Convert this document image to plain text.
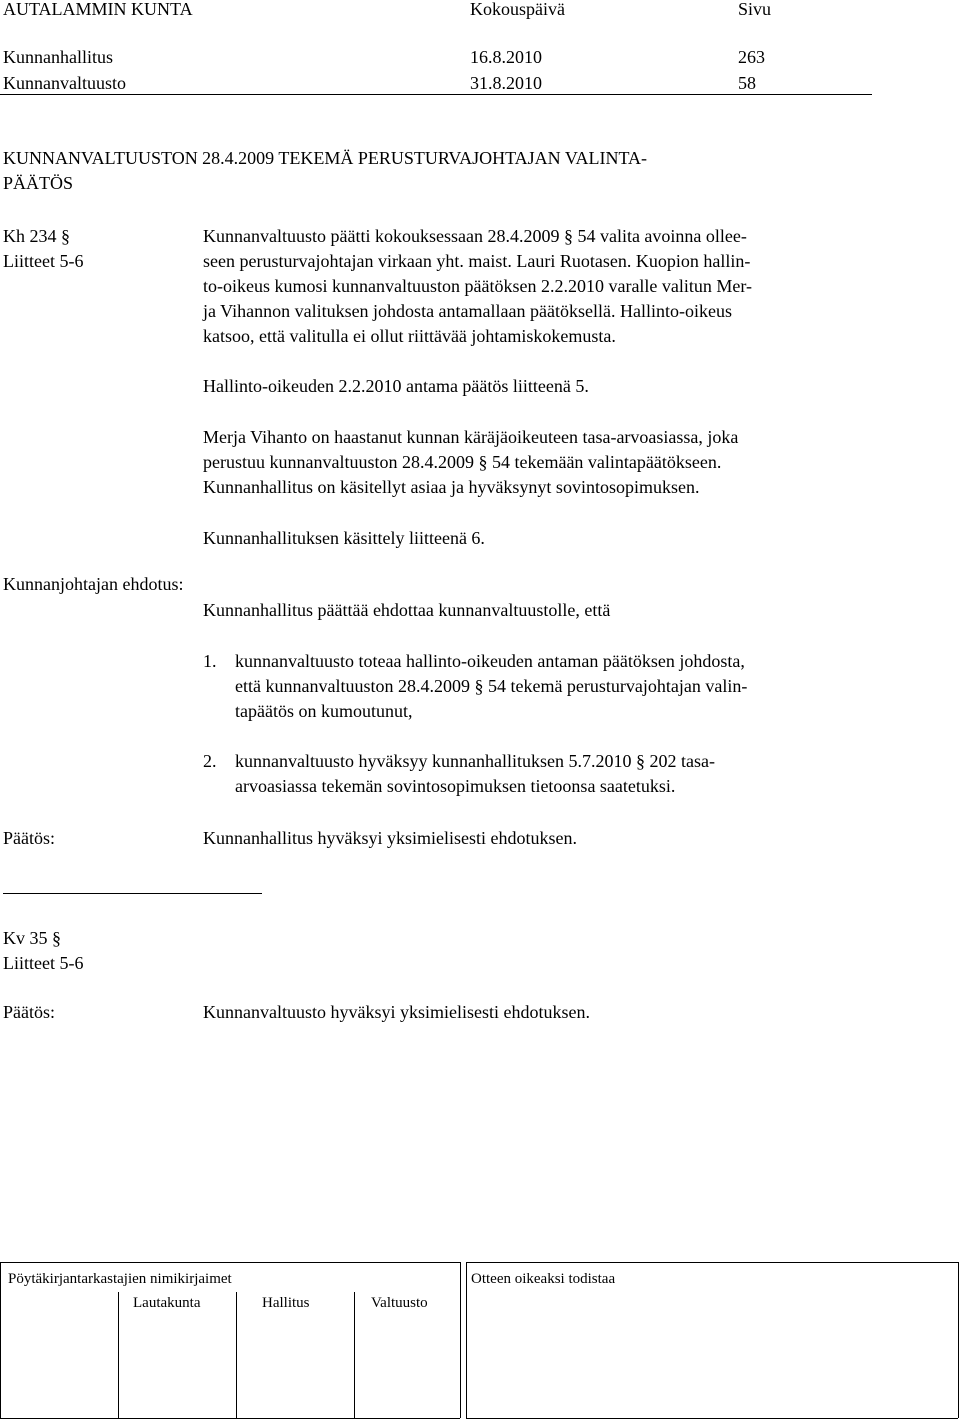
AUTALAMMIN KUNTA	Kokouspäivä	Sivu
Kunnanhallitus	16.8.2010	263
Kunnanvaltuusto	31.8.2010	58
KUNNANVALTUUSTON 28.4.2009 TEKEMÄ PERUSTURVAJOHTAJAN VALINTA-
PÄÄTÖS
Kh 234 §
Liitteet 5-6
Kunnanvaltuusto päätti kokouksessaan 28.4.2009 § 54 valita avoinna ollee-
seen perusturvajohtajan virkaan yht. maist. Lauri Ruotasen. Kuopion hallin-
to-oikeus kumosi kunnanvaltuuston päätöksen 2.2.2010 varalle valitun Mer-
ja Vihannon valituksen johdosta antamallaan päätöksellä. Hallinto-oikeus
katsoo, että valitulla ei ollut riittävää johtamiskokemusta.
Hallinto-oikeuden 2.2.2010 antama päätös liitteenä 5.
Merja Vihanto on haastanut kunnan käräjäoikeuteen tasa-arvoasiassa, joka
perustuu kunnanvaltuuston 28.4.2009 § 54 tekemään valintapäätökseen.
Kunnanhallitus on käsitellyt asiaa ja hyväksynyt sovintosopimuksen.
Kunnanhallituksen käsittely liitteenä 6.
Kunnanjohtajan ehdotus:
Kunnanhallitus päättää ehdottaa kunnanvaltuustolle, että
1. kunnanvaltuusto toteaa hallinto-oikeuden antaman päätöksen johdosta,
että kunnanvaltuuston 28.4.2009 § 54 tekemä perusturvajohtajan valin-
tapäätös on kumoutunut,
2. kunnanvaltuusto hyväksyy kunnanhallituksen 5.7.2010 § 202 tasa-
arvoasiassa tekemän sovintosopimuksen tietoonsa saatetuksi.
Päätös:	Kunnanhallitus hyväksyi yksimielisesti ehdotuksen.
Kv 35 §
Liitteet 5-6
Päätös:	Kunnanvaltuusto hyväksyi yksimielisesti ehdotuksen.
Pöytäkirjantarkastajien nimikirjaimet
Lautakunta	Hallitus	Valtuusto
Otteen oikeaksi todistaa
